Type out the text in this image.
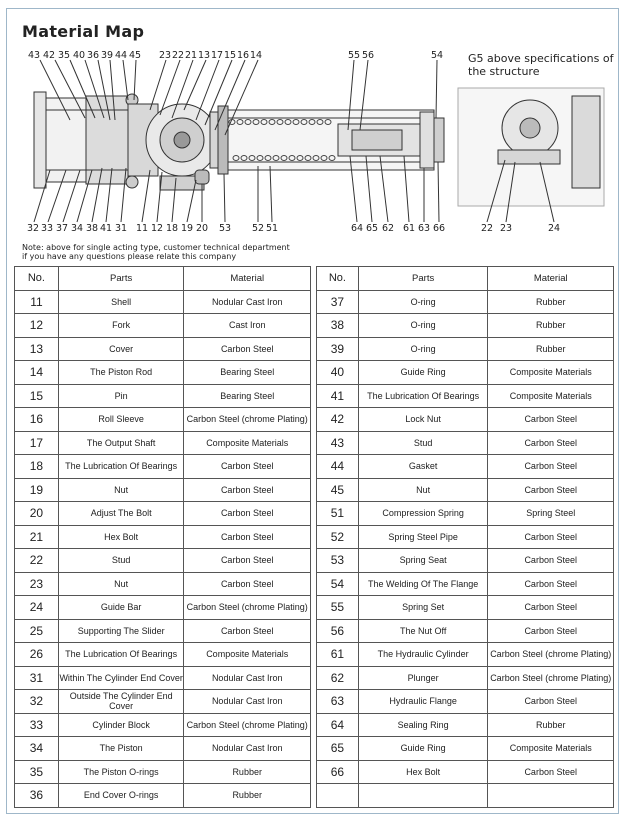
Material Map
G5 above specifications of the structure
43 42 35 40 36 39 44 45 23 22 21 13 17 15 16 14	55 56	54
32 33 37 34 38 41 31 11 12 18 19 20 53 52 51	64 65 62 61 63 66	22 23	24
Note: above for single acting type, customer technical department
if you have any questions please relate this company
No.	Parts	Material
11	Shell	Nodular Cast Iron
12	Fork	Cast Iron
13	Cover	Carbon Steel
14	The Piston Rod	Bearing Steel
15	Pin	Bearing Steel
16	Roll Sleeve	Carbon Steel (chrome Plating)
17	The Output Shaft	Composite Materials
18	The Lubrication Of Bearings	Carbon Steel
19	Nut	Carbon Steel
20	Adjust The Bolt	Carbon Steel
21	Hex Bolt	Carbon Steel
22	Stud	Carbon Steel
23	Nut	Carbon Steel
24	Guide Bar	Carbon Steel (chrome Plating)
25	Supporting The Slider	Carbon Steel
26	The Lubrication Of Bearings	Composite Materials
31	Within The Cylinder End Cover	Nodular Cast Iron
32	Outside The Cylinder End Cover	Nodular Cast Iron
33	Cylinder Block	Carbon Steel (chrome Plating)
34	The Piston	Nodular Cast Iron
35	The Piston O-rings	Rubber
36	End Cover O-rings	Rubber
No.	Parts	Material
37	O-ring	Rubber
38	O-ring	Rubber
39	O-ring	Rubber
40	Guide Ring	Composite Materials
41	The Lubrication Of Bearings	Composite Materials
42	Lock Nut	Carbon Steel
43	Stud	Carbon Steel
44	Gasket	Carbon Steel
45	Nut	Carbon Steel
51	Compression Spring	Spring Steel
52	Spring Steel Pipe	Carbon Steel
53	Spring Seat	Carbon Steel
54	The Welding Of The Flange	Carbon Steel
55	Spring Set	Carbon Steel
56	The Nut Off	Carbon Steel
61	The Hydraulic Cylinder	Carbon Steel (chrome Plating)
62	Plunger	Carbon Steel (chrome Plating)
63	Hydraulic Flange	Carbon Steel
64	Sealing Ring	Rubber
65	Guide Ring	Composite Materials
66	Hex Bolt	Carbon Steel
